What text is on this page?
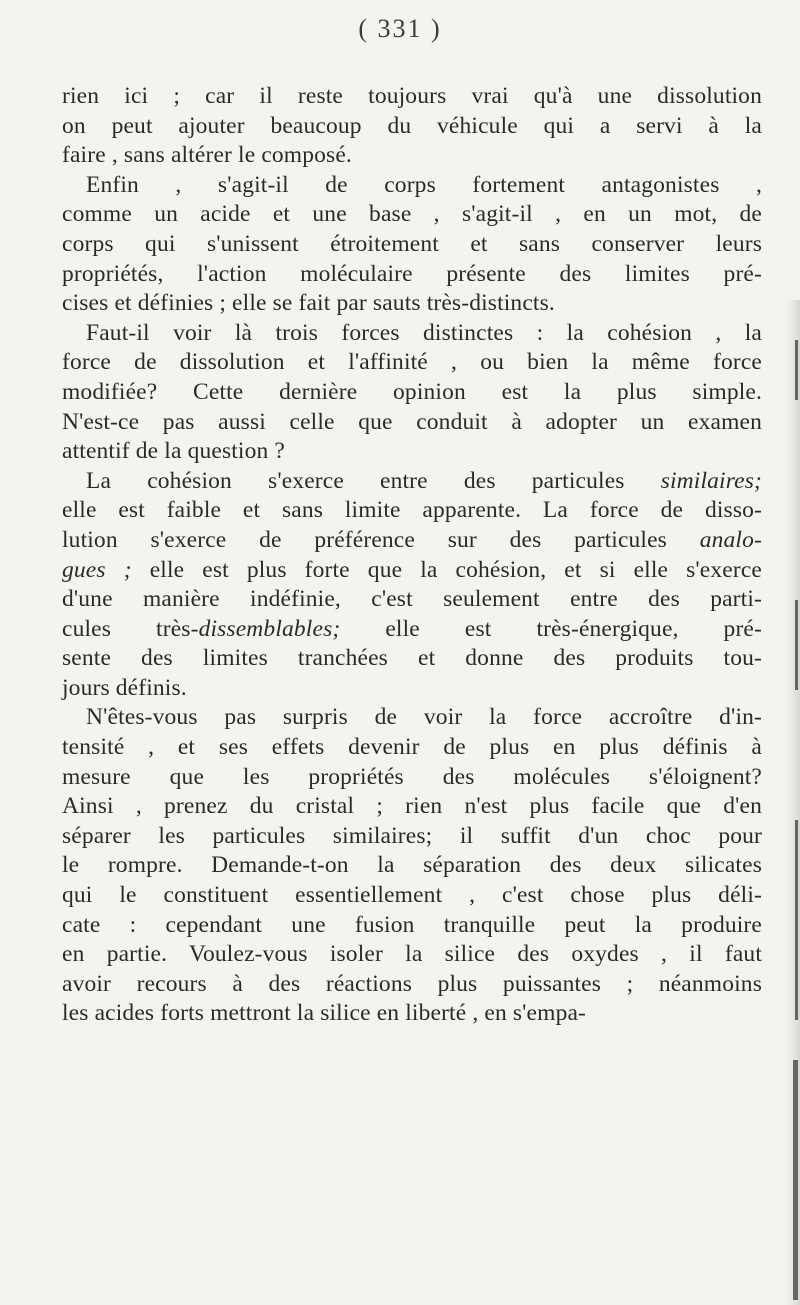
( 331 )
rien ici ; car il reste toujours vrai qu'à une dissolution
on peut ajouter beaucoup du véhicule qui a servi à la
faire , sans altérer le composé.
Enfin , s'agit-il de corps fortement antagonistes ,
comme un acide et une base , s'agit-il , en un mot, de
corps qui s'unissent étroitement et sans conserver leurs
propriétés, l'action moléculaire présente des limites pré-
cises et définies ; elle se fait par sauts très-distincts.
Faut-il voir là trois forces distinctes : la cohésion , la
force de dissolution et l'affinité , ou bien la même force
modifiée? Cette dernière opinion est la plus simple.
N'est-ce pas aussi celle que conduit à adopter un examen
attentif de la question ?
La cohésion s'exerce entre des particules similaires;
elle est faible et sans limite apparente. La force de disso-
lution s'exerce de préférence sur des particules analo-
gues ; elle est plus forte que la cohésion, et si elle s'exerce
d'une manière indéfinie, c'est seulement entre des parti-
cules très-dissemblables; elle est très-énergique, pré-
sente des limites tranchées et donne des produits tou-
jours définis.
N'êtes-vous pas surpris de voir la force accroître d'in-
tensité , et ses effets devenir de plus en plus définis à
mesure que les propriétés des molécules s'éloignent?
Ainsi , prenez du cristal ; rien n'est plus facile que d'en
séparer les particules similaires; il suffit d'un choc pour
le rompre. Demande-t-on la séparation des deux silicates
qui le constituent essentiellement , c'est chose plus déli-
cate : cependant une fusion tranquille peut la produire
en partie. Voulez-vous isoler la silice des oxydes , il faut
avoir recours à des réactions plus puissantes ; néanmoins
les acides forts mettront la silice en liberté , en s'empa-
